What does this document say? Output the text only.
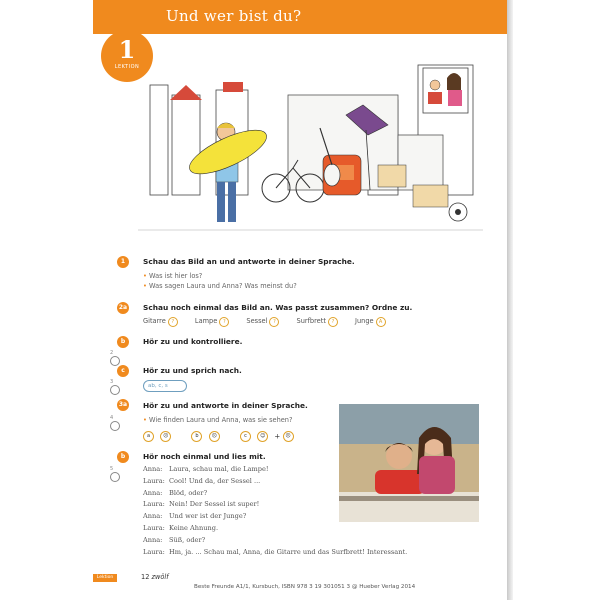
Und wer bist du?
1
LEKTION
1	Schau das Bild an und antworte in deiner Sprache.
• Was ist hier los?
• Was sagen Laura und Anna? Was meinst du?
2a Schau noch einmal das Bild an. Was passt zusammen? Ordne zu.
Gitarre ?	Lampe ?	Sessel ?	Surfbrett ?	Junge A
b
2
Hör zu und kontrolliere.
c
3
Hör zu und sprich nach.
ab, c, s
3a
4
Hör zu und antworte in deiner Sprache.
• Wie finden Laura und Anna, was sie sehen?
a	☹	b	☹	c	☺ + ☹
b
5
Hör noch einmal und lies mit.
Anna: Laura, schau mal, die Lampe!
Laura: Cool! Und da, der Sessel ...
Anna: Blöd, oder?
Laura: Nein! Der Sessel ist super!
Anna: Und wer ist der Junge?
Laura: Keine Ahnung.
Anna: Süß, oder?
Laura: Hm, ja. ... Schau mal, Anna, die Gitarre und das Surfbrett! Interessant.
Lektion	12 zwölf
Beste Freunde A1/1, Kursbuch, ISBN 978 3 19 301051 3 @ Hueber Verlag 2014
